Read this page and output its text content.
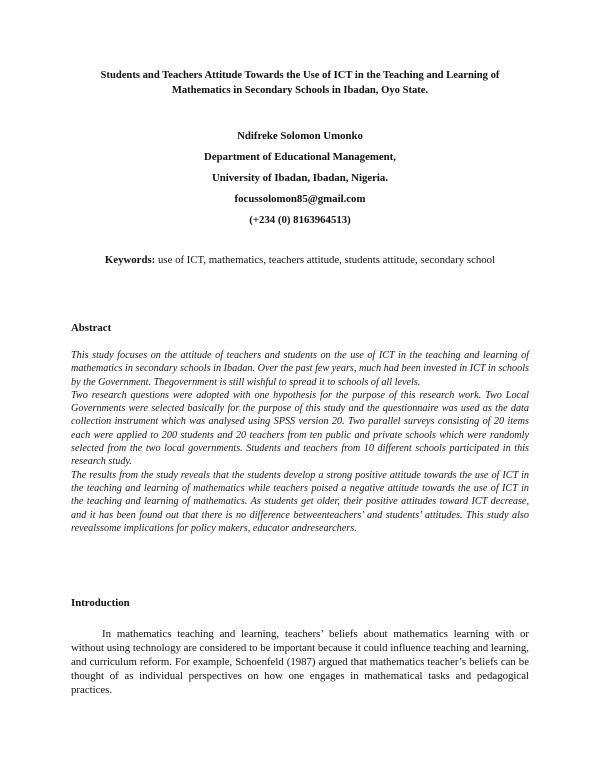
Students and Teachers Attitude Towards the Use of ICT in the Teaching and Learning of
Mathematics in Secondary Schools in Ibadan, Oyo State.
Ndifreke Solomon Umonko
Department of Educational Management,
University of Ibadan, Ibadan, Nigeria.
focussolomon85@gmail.com
(+234 (0) 8163964513)
Keywords: use of ICT, mathematics, teachers attitude, students attitude, secondary school
Abstract

This study focuses on the attitude of teachers and students on the use of ICT in the teaching and learning of mathematics in secondary schools in Ibadan. Over the past few years, much had been invested in ICT in schools by the Government. Thegovernment is still wishful to spread it to schools of all levels.

Two research questions were adopted with one hypothesis for the purpose of this research work. Two Local Governments were selected basically for the purpose of this study and the questionnaire was used as the data collection instrument which was analysed using SPSS version 20. Two parallel surveys consisting of 20 items each were applied to 200 students and 20 teachers from ten public and private schools which were randomly selected from the two local governments. Students and teachers from 10 different schools participated in this research study.

The results from the study reveals that the students develop a strong positive attitude towards the use of ICT in the teaching and learning of mathematics while teachers poised a negative attitude towards the use of ICT in the teaching and learning of mathematics. As students get older, their positive attitudes toward ICT decrease, and it has been found out that there is no difference betweenteachers’ and students’ attitudes. This study also revealssome implications for policy makers, educator andresearchers.

Introduction

In mathematics teaching and learning, teachers’ beliefs about mathematics learning with or without using technology are considered to be important because it could influence teaching and learning, and curriculum reform. For example, Schoenfeld (1987) argued that mathematics teacher’s beliefs can be thought of as individual perspectives on how one engages in mathematical tasks and pedagogical practices.
